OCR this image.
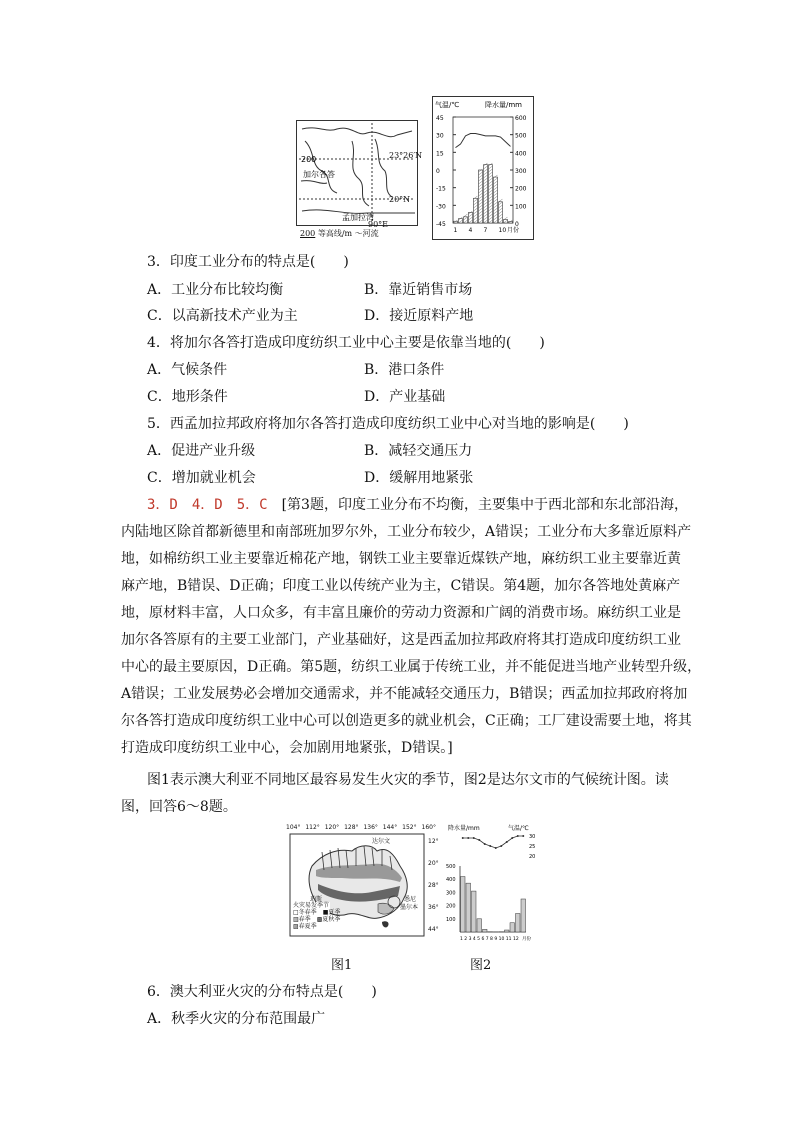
200
加尔各答
孟加拉湾
23°26′N
20°N
90°E
200 等高线/m 〜河流
气温/℃	降水量/mm
45
30
15
0
-15
-30
-45
600
500
400
300
200
100
0
1 4 7 10 月份
3．印度工业分布的特点是(　　)
A．工业分布比较均衡	B．靠近销售市场
C．以高新技术产业为主	D．接近原料产地
4．将加尔各答打造成印度纺织工业中心主要是依靠当地的(　　)
A．气候条件	B．港口条件
C．地形条件	D．产业基础
5．西孟加拉邦政府将加尔各答打造成印度纺织工业中心对当地的影响是(　　)
A．促进产业升级	B．减轻交通压力
C．增加就业机会	D．缓解用地紧张
3．D　4．D　5．C　 [第3题，印度工业分布不均衡，主要集中于西北部和东北部沿海，
内陆地区除首都新德里和南部班加罗尔外，工业分布较少，A错误；工业分布大多靠近原料产
地，如棉纺织工业主要靠近棉花产地，钢铁工业主要靠近煤铁产地，麻纺织工业主要靠近黄
麻产地，B错误、D正确；印度工业以传统产业为主，C错误。第4题，加尔各答地处黄麻产
地，原材料丰富，人口众多，有丰富且廉价的劳动力资源和广阔的消费市场。麻纺织工业是
加尔各答原有的主要工业部门，产业基础好，这是西孟加拉邦政府将其打造成印度纺织工业
中心的最主要原因，D正确。第5题，纺织工业属于传统工业，并不能促进当地产业转型升级，
A错误；工业发展势必会增加交通需求，并不能减轻交通压力，B错误；西孟加拉邦政府将加
尔各答打造成印度纺织工业中心可以创造更多的就业机会，C正确；工厂建设需要土地，将其
打造成印度纺织工业中心，会加剧用地紧张，D错误。]
图1表示澳大利亚不同地区最容易发生火灾的季节，图2是达尔文市的气候统计图。读
图，回答6～8题。
104° 112° 120° 128° 136° 144° 152° 160°
12°
20°
28°
36°
44°
达尔文
珀斯	悉尼
墨尔本
火灾易发季节
□冬春季　 ■夏季
▥春季　 ▩夏秋季
▨春夏季
降水量/mm	气温/℃
500
400
300
200
100
30
25
20
1 2 3 4 5 6 7 8 9 10 11 12 月份
图1	图2
6．澳大利亚火灾的分布特点是(　　)
A．秋季火灾的分布范围最广
